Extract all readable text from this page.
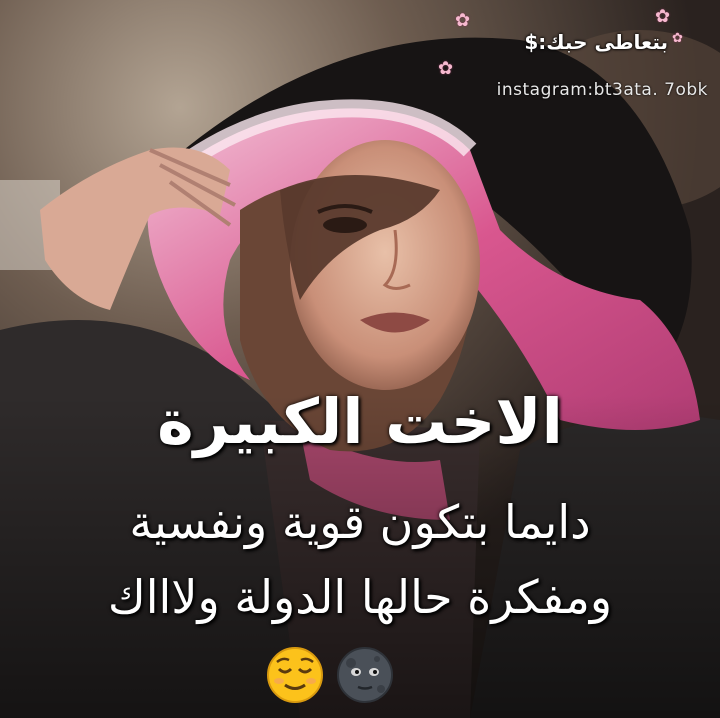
✿	✿
✿
✿
بتعاطى حبك:$
instagram:bt3ata. 7obk
الاخت الكبيرة
دايما بتكون قوية ونفسية
ومفكرة حالها الدولة ولاااك
